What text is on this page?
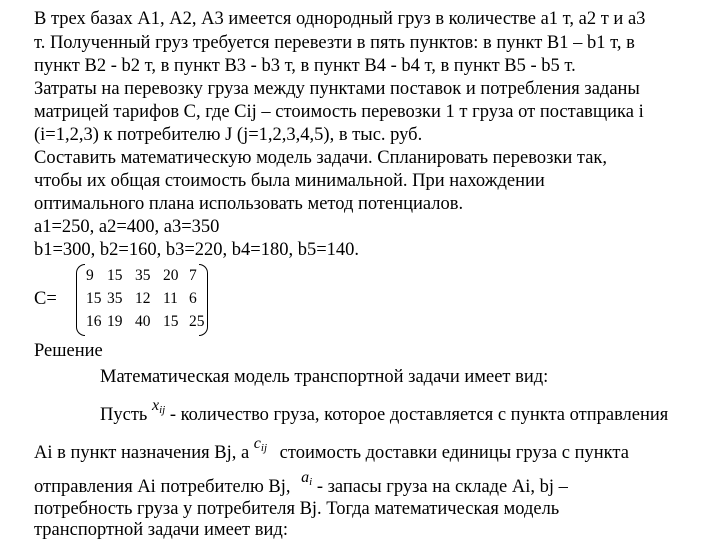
В трех базах А1, А2, А3 имеется однородный груз в количестве а1 т, а2 т и а3
т. Полученный груз требуется перевезти в пять пунктов: в пункт В1 – b1 т, в
пункт В2 - b2 т, в пункт В3 - b3 т, в пункт В4 - b4 т, в пункт В5 - b5 т.
Затраты на перевозку груза между пунктами поставок и потребления заданы
матрицей тарифов С, где Cij – стоимость перевозки 1 т груза от поставщика i
(i=1,2,3) к потребителю J (j=1,2,3,4,5), в тыс. руб.
Составить математическую модель задачи. Спланировать перевозки так,
чтобы их общая стоимость была минимальной. При нахождении
оптимального плана использовать метод потенциалов.
a1=250, a2=400, a3=350
b1=300, b2=160, b3=220, b4=180, b5=140.
C=
9 15 35 20 7
15 35 12 11 6
16 19 40 15 25
Решение
Математическая модель транспортной задачи имеет вид:
Пусть xij - количество груза, которое доставляется с пункта отправления
Ai в пункт назначения Bj, а cij стоимость доставки единицы груза с пункта
отправления Ai потребителю Bj, ai - запасы груза на складе Ai, bj –
потребность груза у потребителя Bj. Тогда математическая модель
транспортной задачи имеет вид:
